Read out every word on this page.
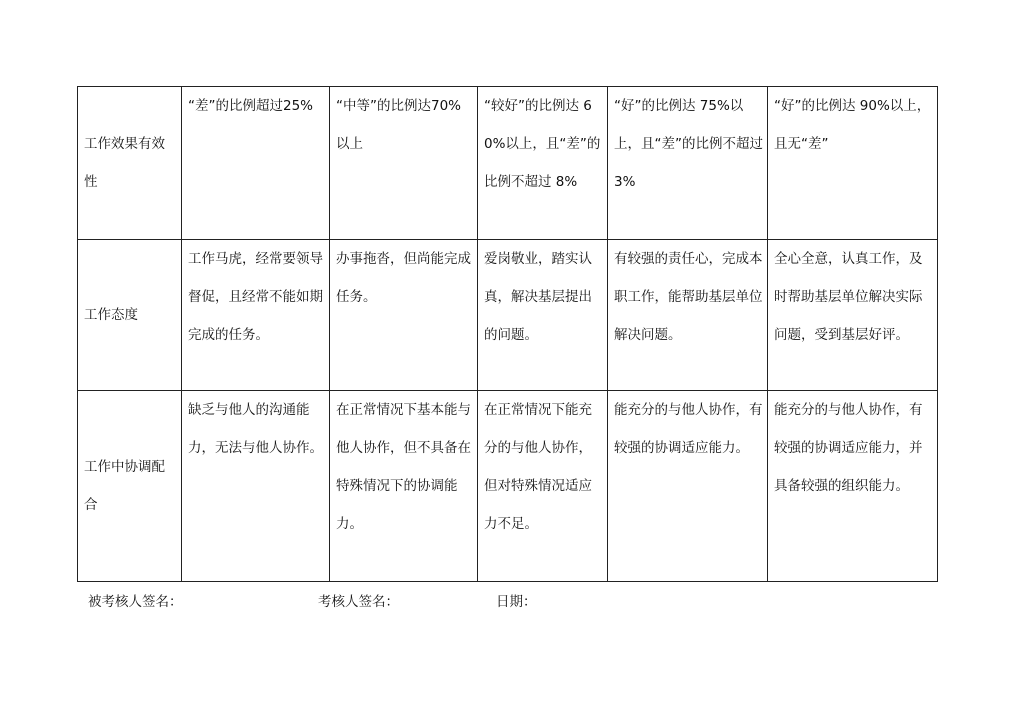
工作效果有效性	“差”的比例超过25%	“中等”的比例达70%以上	“较好”的比例达 60%以上，且“差”的比例不超过 8%	“好”的比例达 75%以上，且“差”的比例不超过 3%	“好”的比例达 90%以上，且无“差”
工作态度	工作马虎，经常要领导督促，且经常不能如期完成的任务。	办事拖沓，但尚能完成任务。	爱岗敬业，踏实认真，解决基层提出的问题。	有较强的责任心，完成本职工作，能帮助基层单位解决问题。	全心全意，认真工作，及时帮助基层单位解决实际问题，受到基层好评。
工作中协调配合	缺乏与他人的沟通能力，无法与他人协作。	在正常情况下基本能与他人协作，但不具备在特殊情况下的协调能力。	在正常情况下能充分的与他人协作，但对特殊情况适应力不足。	能充分的与他人协作，有较强的协调适应能力。	能充分的与他人协作，有较强的协调适应能力，并具备较强的组织能力。
被考核人签名：	考核人签名：	日期：
